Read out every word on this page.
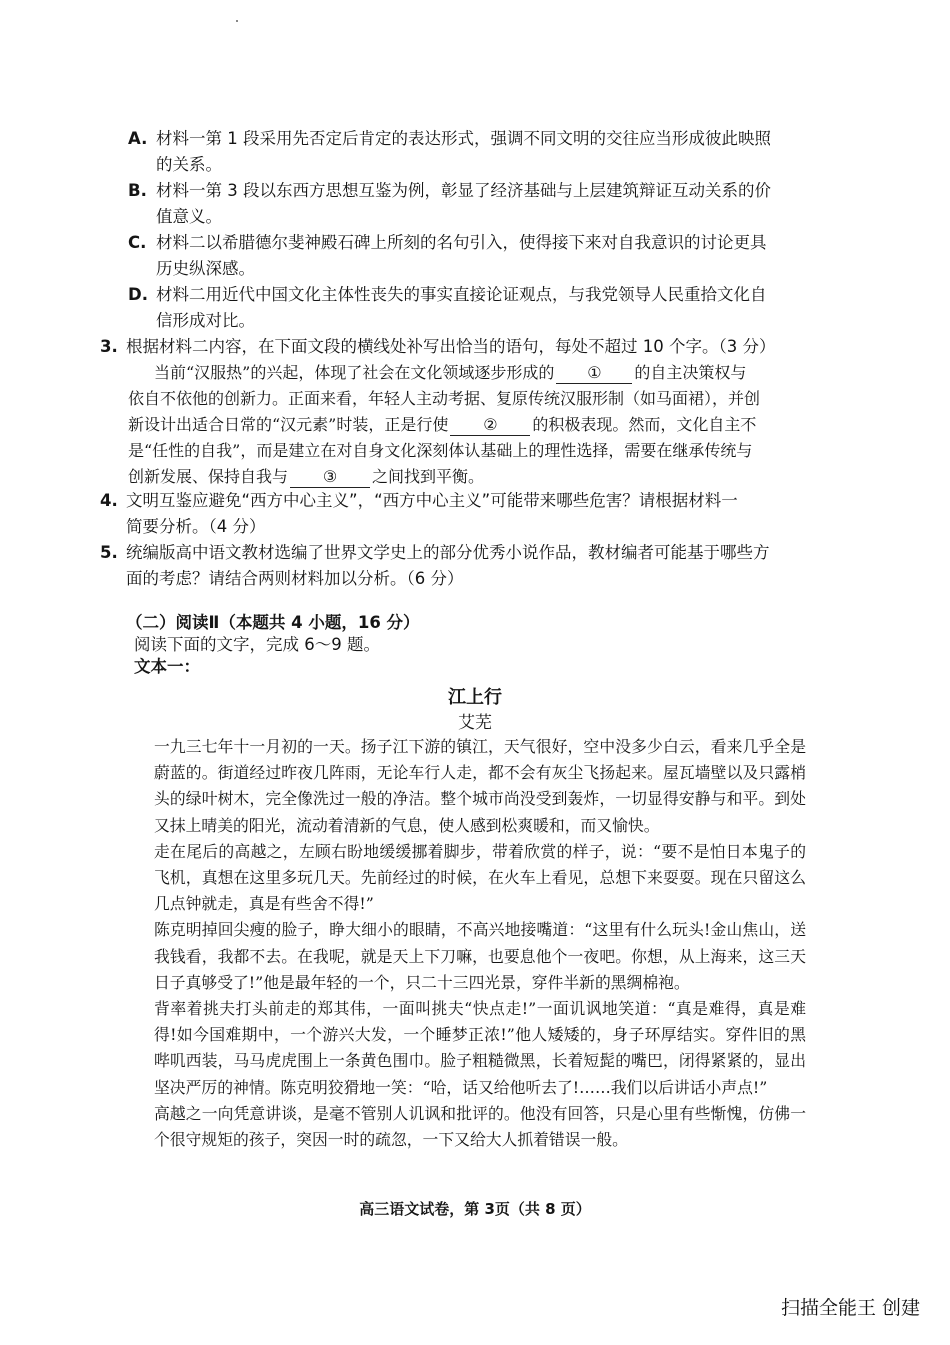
A. 材料一第 1 段采用先否定后肯定的表达形式，强调不同文明的交往应当形成彼此映照
的关系。
B. 材料一第 3 段以东西方思想互鉴为例，彰显了经济基础与上层建筑辩证互动关系的价
值意义。
C. 材料二以希腊德尔斐神殿石碑上所刻的名句引入，使得接下来对自我意识的讨论更具
历史纵深感。
D. 材料二用近代中国文化主体性丧失的事实直接论证观点，与我党领导人民重拾文化自
信形成对比。
3. 根据材料二内容，在下面文段的横线处补写出恰当的语句，每处不超过 10 个字。（3 分）
当前“汉服热”的兴起，体现了社会在文化领域逐步形成的 ① 的自主决策权与
依自不依他的创新力。正面来看，年轻人主动考据、复原传统汉服形制（如马面裙），并创
新设计出适合日常的“汉元素”时装，正是行使 ② 的积极表现。然而，文化自主不
是“任性的自我”，而是建立在对自身文化深刻体认基础上的理性选择，需要在继承传统与
创新发展、保持自我与 ③ 之间找到平衡。
4. 文明互鉴应避免“西方中心主义”，“西方中心主义”可能带来哪些危害？请根据材料一
简要分析。（4 分）
5. 统编版高中语文教材选编了世界文学史上的部分优秀小说作品，教材编者可能基于哪些方
面的考虑？请结合两则材料加以分析。（6 分）
（二）阅读Ⅱ（本题共 4 小题，16 分）
阅读下面的文字，完成 6～9 题。
文本一：
江上行
艾芜

一九三七年十一月初的一天。扬子江下游的镇江，天气很好，空中没多少白云，看来几乎全是蔚蓝的。街道经过昨夜几阵雨，无论车行人走，都不会有灰尘飞扬起来。屋瓦墙壁以及只露梢头的绿叶树木，完全像洗过一般的净洁。整个城市尚没受到轰炸，一切显得安静与和平。到处又抹上晴美的阳光，流动着清新的气息，使人感到松爽暖和，而又愉快。

走在尾后的高越之，左顾右盼地缓缓挪着脚步，带着欣赏的样子，说：“要不是怕日本鬼子的飞机，真想在这里多玩几天。先前经过的时候，在火车上看见，总想下来耍耍。现在只留这么几点钟就走，真是有些舍不得!”

陈克明掉回尖瘦的脸子，睁大细小的眼睛，不高兴地接嘴道：“这里有什么玩头!金山焦山，送我钱看，我都不去。在我呢，就是天上下刀嘛，也要息他个一夜吧。你想，从上海来，这三天日子真够受了!”他是最年轻的一个，只二十三四光景，穿件半新的黑绸棉袍。

背率着挑夫打头前走的郑其伟，一面叫挑夫“快点走!”一面讥讽地笑道：“真是难得，真是难得!如今国难期中，一个游兴大发，一个睡梦正浓!”他人矮矮的，身子环厚结实。穿件旧的黑哔叽西装，马马虎虎围上一条黄色围巾。脸子粗糙微黑，长着短髭的嘴巴，闭得紧紧的，显出坚决严厉的神情。陈克明狡猾地一笑：“哈，话又给他听去了!……我们以后讲话小声点!”

高越之一向凭意讲谈，是毫不管别人讥讽和批评的。他没有回答，只是心里有些惭愧，仿佛一个很守规矩的孩子，突因一时的疏忽，一下又给大人抓着错误一般。

高三语文试卷，第 3页（共 8 页）
扫描全能王 创建
